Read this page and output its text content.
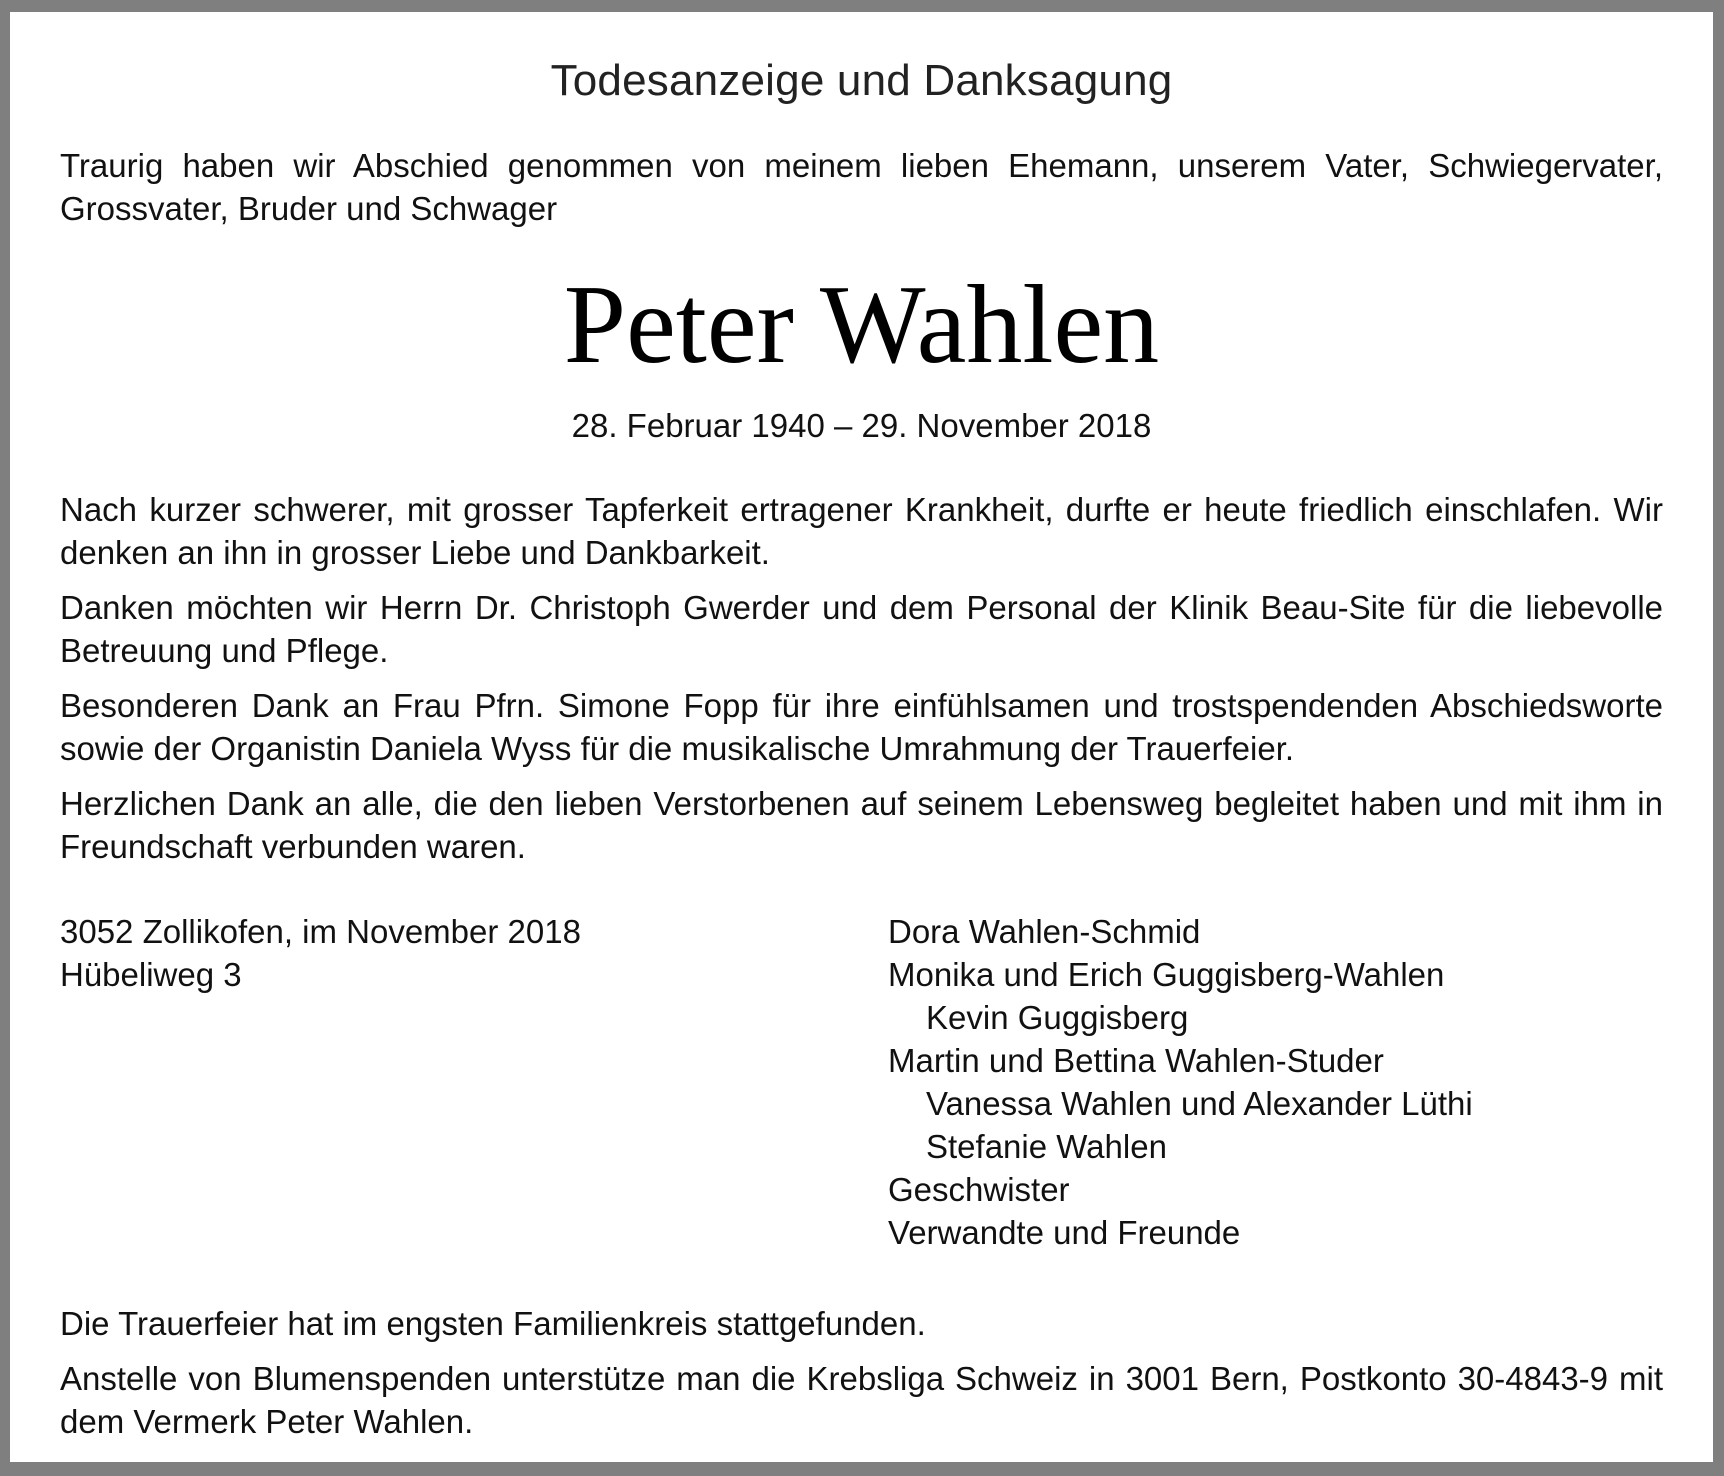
Todesanzeige und Danksagung
Traurig haben wir Abschied genommen von meinem lieben Ehemann, unserem Vater, Schwiegervater, Grossvater, Bruder und Schwager
Peter Wahlen
28. Februar 1940 – 29. November 2018

Nach kurzer schwerer, mit grosser Tapferkeit ertragener Krankheit, durfte er heute friedlich einschlafen. Wir denken an ihn in grosser Liebe und Dankbarkeit.

Danken möchten wir Herrn Dr. Christoph Gwerder und dem Personal der Klinik Beau-Site für die liebevolle Betreuung und Pflege.

Besonderen Dank an Frau Pfrn. Simone Fopp für ihre einfühlsamen und trostspendenden Abschiedsworte sowie der Organistin Daniela Wyss für die musikalische Umrahmung der Trauerfeier.

Herzlichen Dank an alle, die den lieben Verstorbenen auf seinem Lebensweg begleitet haben und mit ihm in Freundschaft verbunden waren.

3052 Zollikofen, im November 2018
Hübeliweg 3
Dora Wahlen-Schmid
Monika und Erich Guggisberg-Wahlen
Kevin Guggisberg
Martin und Bettina Wahlen-Studer
Vanessa Wahlen und Alexander Lüthi
Stefanie Wahlen
Geschwister
Verwandte und Freunde

Die Trauerfeier hat im engsten Familienkreis stattgefunden.

Anstelle von Blumenspenden unterstütze man die Krebsliga Schweiz in 3001 Bern, Postkonto 30-4843-9 mit dem Vermerk Peter Wahlen.
